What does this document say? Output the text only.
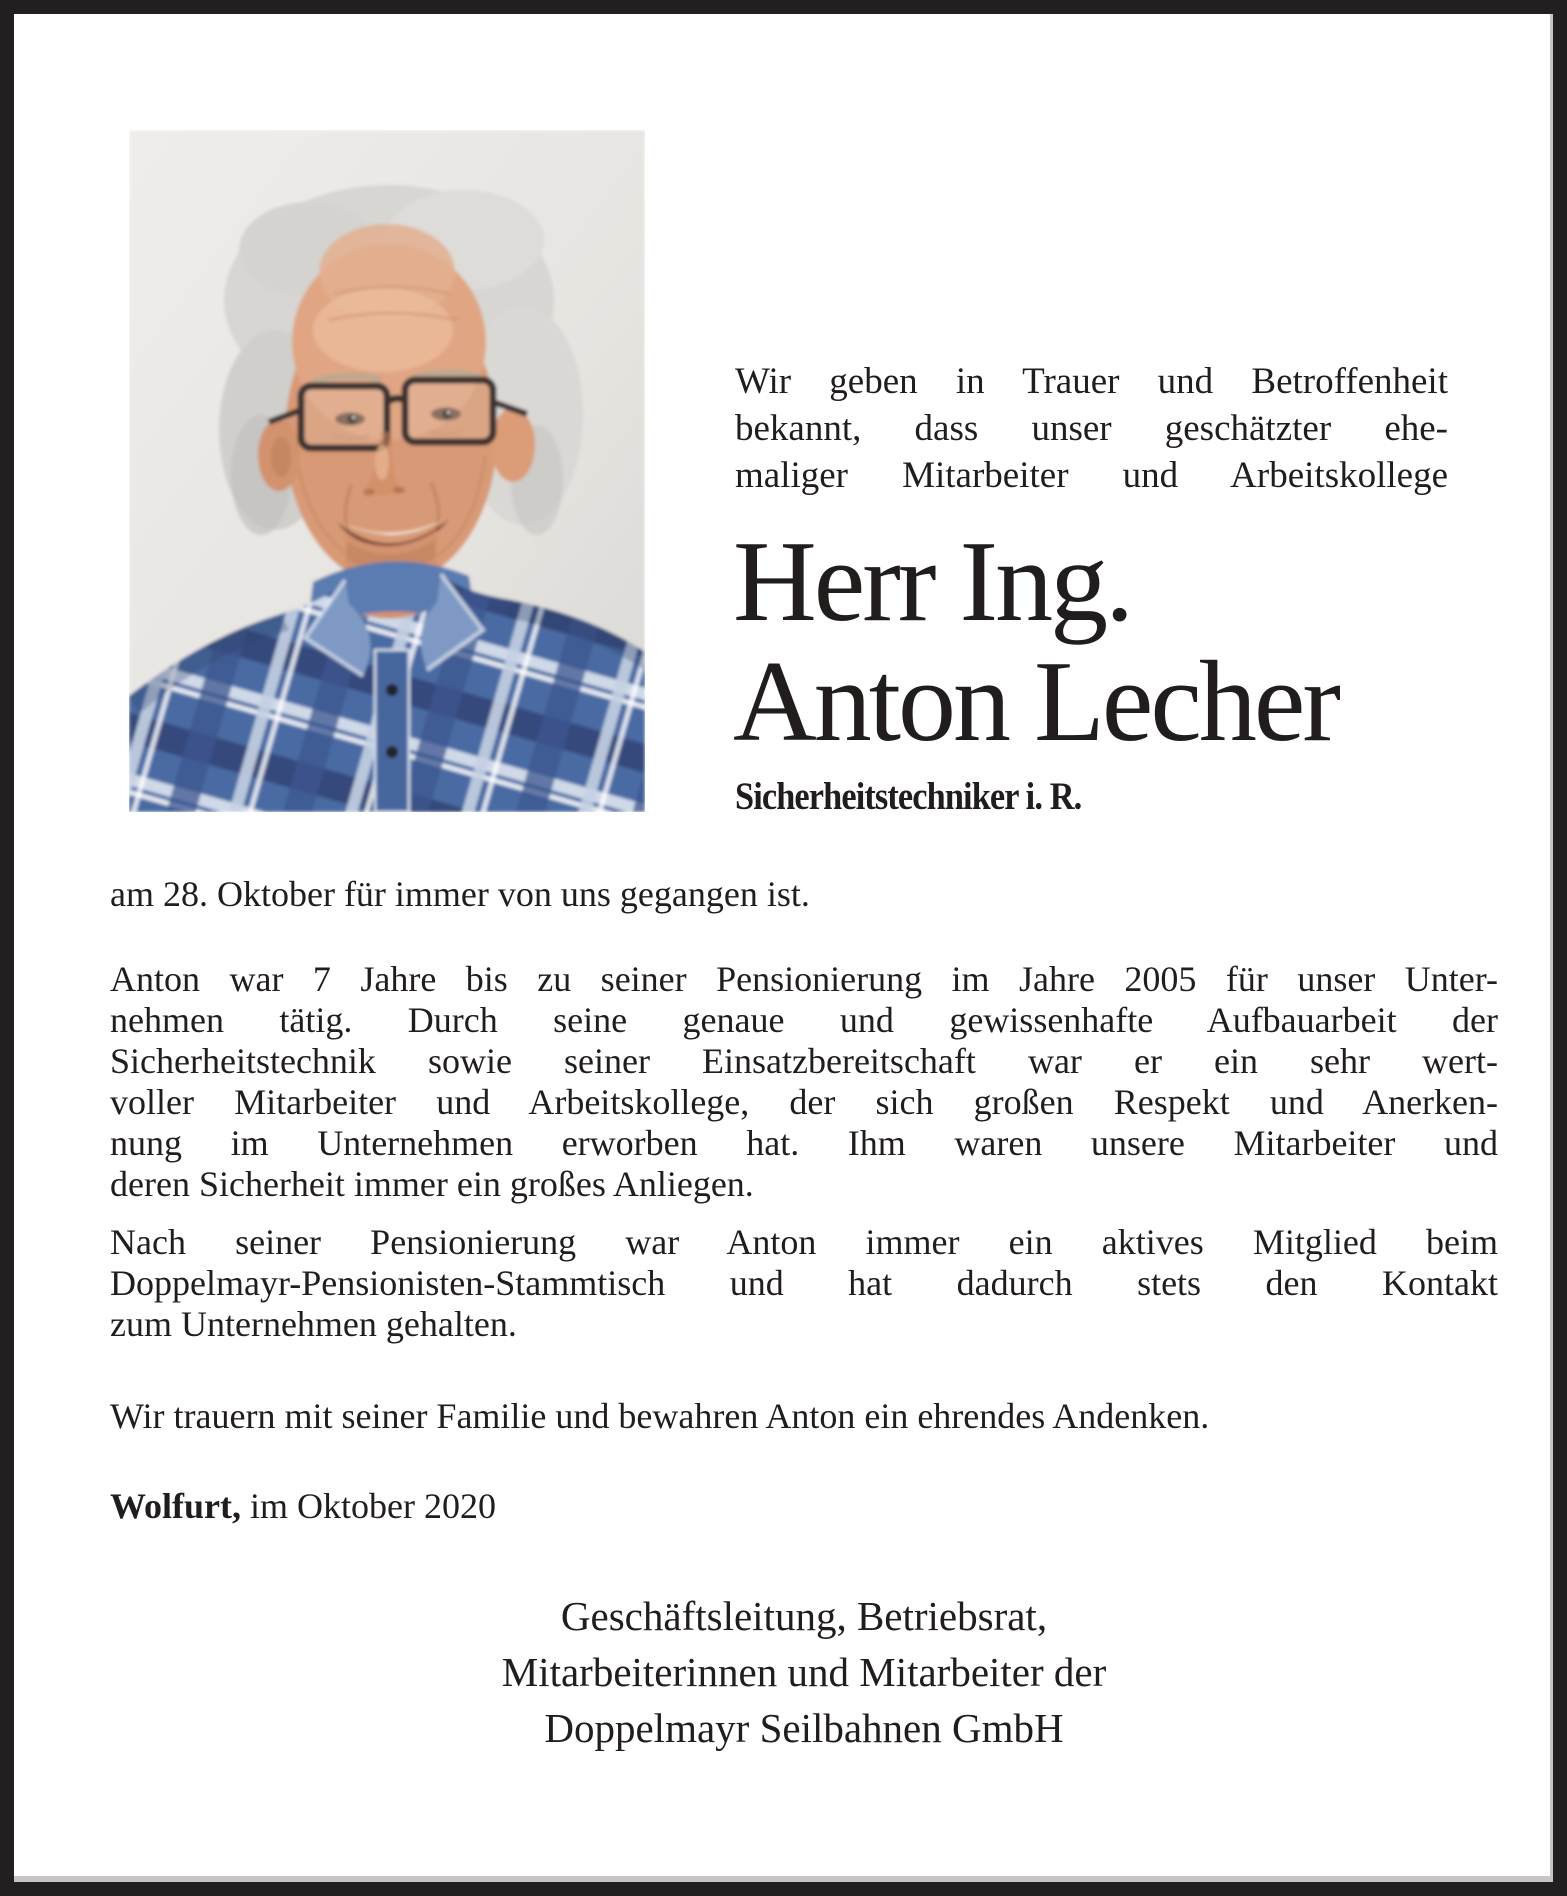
Wir geben in Trauer und Betroffenheit
bekannt, dass unser geschätzter ehe-
maliger Mitarbeiter und Arbeitskollege
Herr Ing.
Anton Lecher
Sicherheitstechniker i. R.
am 28. Oktober für immer von uns gegangen ist.
Anton war 7 Jahre bis zu seiner Pensionierung im Jahre 2005 für unser Unter-
nehmen tätig. Durch seine genaue und gewissenhafte Aufbauarbeit der
Sicherheitstechnik sowie seiner Einsatzbereitschaft war er ein sehr wert-
voller Mitarbeiter und Arbeitskollege, der sich großen Respekt und Anerken-
nung im Unternehmen erworben hat. Ihm waren unsere Mitarbeiter und
deren Sicherheit immer ein großes Anliegen.
Nach seiner Pensionierung war Anton immer ein aktives Mitglied beim
Doppelmayr-Pensionisten-Stammtisch und hat dadurch stets den Kontakt
zum Unternehmen gehalten.
Wir trauern mit seiner Familie und bewahren Anton ein ehrendes Andenken.
Wolfurt, im Oktober 2020
Geschäftsleitung, Betriebsrat,
Mitarbeiterinnen und Mitarbeiter der
Doppelmayr Seilbahnen GmbH
